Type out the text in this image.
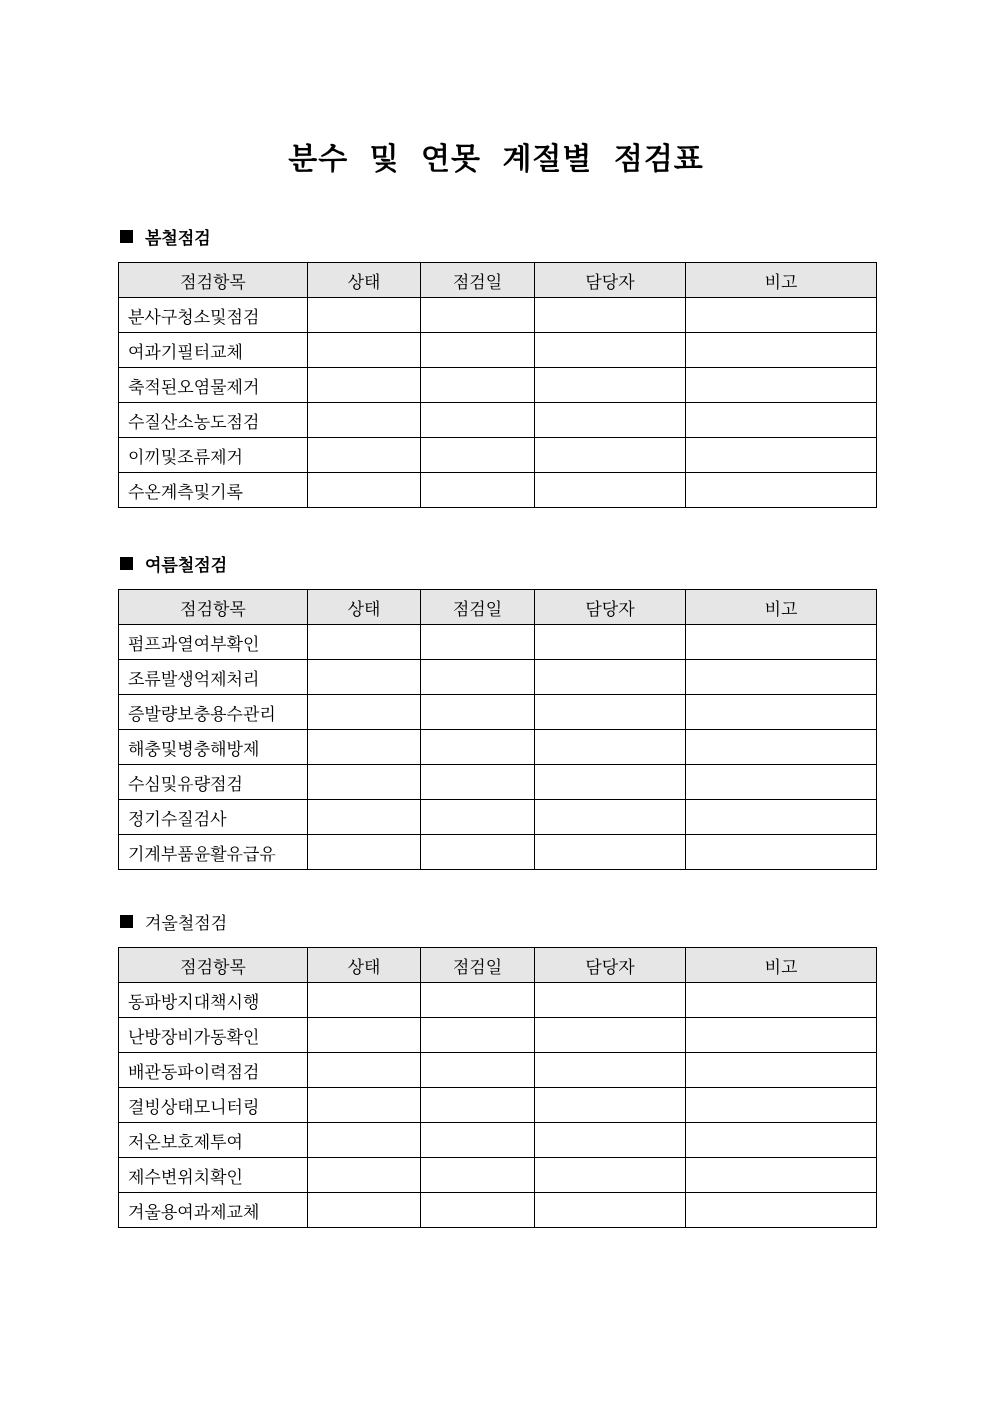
분수 및 연못 계절별 점검표
봄철점검
점검항목	상태	점검일	담당자	비고
분사구청소및점검				
여과기필터교체				
축적된오염물제거				
수질산소농도점검				
이끼및조류제거				
수온계측및기록				
여름철점검
점검항목	상태	점검일	담당자	비고
펌프과열여부확인				
조류발생억제처리				
증발량보충용수관리				
해충및병충해방제				
수심및유량점검				
정기수질검사				
기계부품윤활유급유				
겨울철점검
점검항목	상태	점검일	담당자	비고
동파방지대책시행				
난방장비가동확인				
배관동파이력점검				
결빙상태모니터링				
저온보호제투여				
제수변위치확인				
겨울용여과제교체				
